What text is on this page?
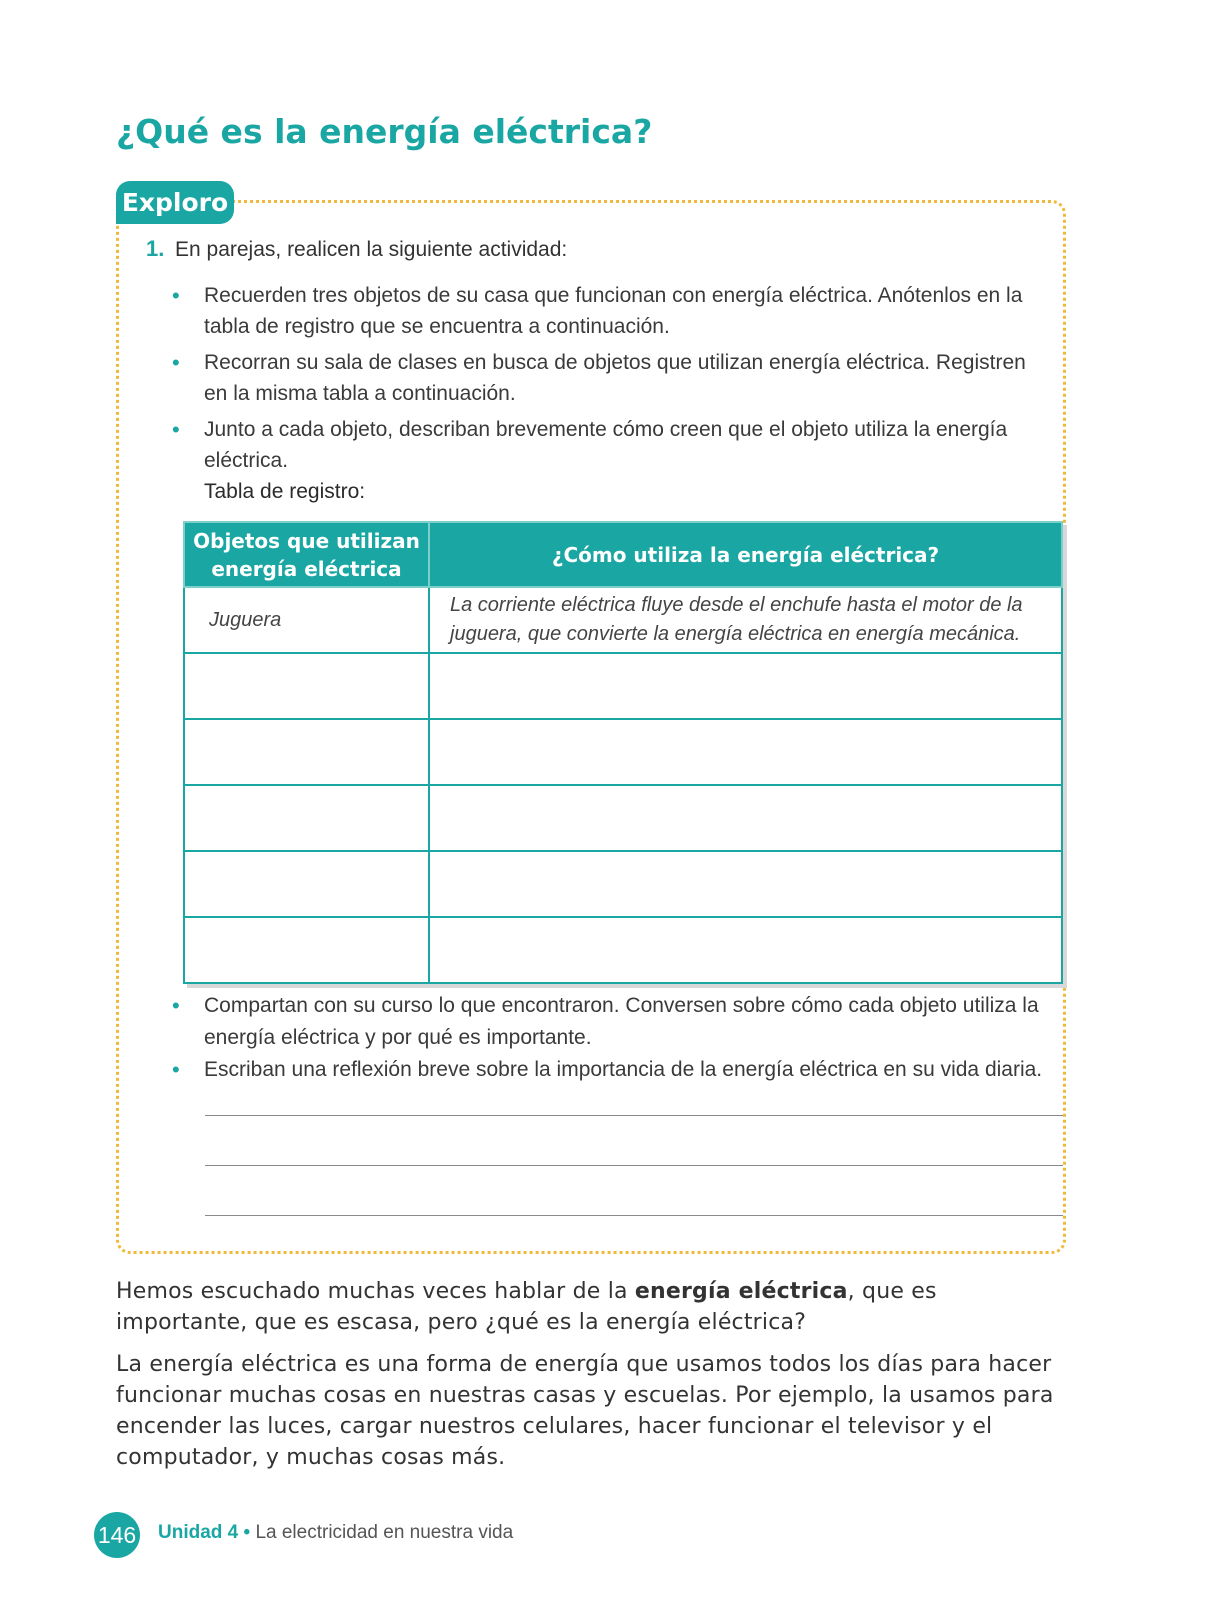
¿Qué es la energía eléctrica?
Exploro
1. En parejas, realicen la siguiente actividad:
• Recuerden tres objetos de su casa que funcionan con energía eléctrica. Anótenlos en la tabla de registro que se encuentra a continuación.
• Recorran su sala de clases en busca de objetos que utilizan energía eléctrica. Registren en la misma tabla a continuación.
• Junto a cada objeto, describan brevemente cómo creen que el objeto utiliza la energía eléctrica.
Tabla de registro:
Objetos que utilizan energía eléctrica	¿Cómo utiliza la energía eléctrica?
Juguera	La corriente eléctrica fluye desde el enchufe hasta el motor de la juguera, que convierte la energía eléctrica en energía mecánica.

• Compartan con su curso lo que encontraron. Conversen sobre cómo cada objeto utiliza la energía eléctrica y por qué es importante.
• Escriban una reflexión breve sobre la importancia de la energía eléctrica en su vida diaria.

Hemos escuchado muchas veces hablar de la energía eléctrica, que es importante, que es escasa, pero ¿qué es la energía eléctrica?

La energía eléctrica es una forma de energía que usamos todos los días para hacer funcionar muchas cosas en nuestras casas y escuelas. Por ejemplo, la usamos para encender las luces, cargar nuestros celulares, hacer funcionar el televisor y el computador, y muchas cosas más.

146 Unidad 4 • La electricidad en nuestra vida
